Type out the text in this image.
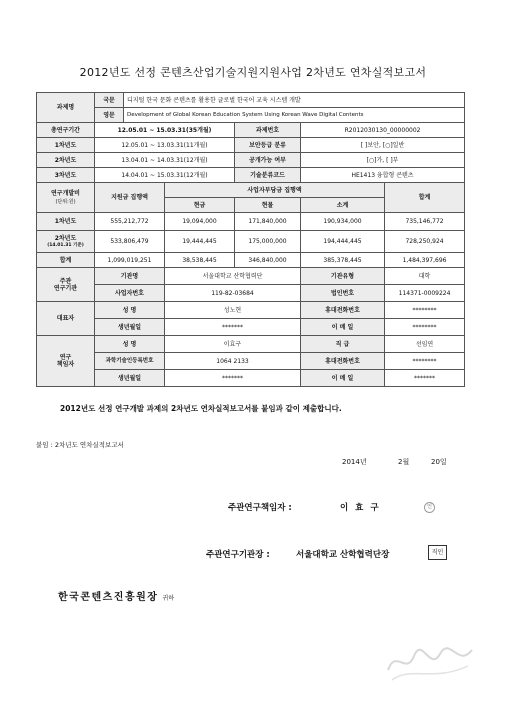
2012년도 선정 콘텐츠산업기술지원지원사업 2차년도 연차실적보고서
과제명	국문	디지털 한국 문화 콘텐츠를 활용한 글로벌 한국어 교육 시스템 개발				
	영문	Development of Global Korean Education System Using Korean Wave Digital Contents				
총연구기간	12.05.01 ~ 15.03.31(35개월)			과제번호	R2012030130_00000002	
1차년도	12.05.01 ~ 13.03.31(11개월)			보안등급 분류	[ ]보안, [○]일반	
2차년도	13.04.01 ~ 14.03.31(12개월)			공개가능 여부	[○]가, [ ]부	
3차년도	14.04.01 ~ 15.03.31(12개월)			기술분류코드	HE1413 융합형 콘텐츠	

연구개발비
(단위:원)	지원금 집행액		사업자부담금 집행액			합계
			현금	현물	소계	
1차년도	555,212,772		19,094,000	171,840,000	190,934,000	735,146,772

2차년도
(14.01.31 기준)	533,806,479		19,444,445	175,000,000	194,444,445	728,250,924
합계	1,099,019,251		38,538,445	346,840,000	385,378,445	1,484,397,696
주관
연구기관	기관명		서울대학교 산학협력단		기관유형	대학
	사업자번호		119-82-03684		법인번호	114371-0009224
대표자	성 명		성노현		휴대전화번호	********
	생년월일		*******		이 메 일	********
연구
책임자	성 명		이효구		직 급	선임연
	과학기술인등록번호		1064 2133		휴대전화번호	********
	생년월일		*******		이 메 일	*******
2012년도 선정 연구개발 과제의 2차년도 연차실적보고서를 붙임과 같이 제출합니다.
붙임 : 2차년도 연차실적보고서
2014년	2월	20일
주관연구책임자 :	이 효 구	인
주관연구기관장 :	서울대학교 산학협력단장	직인
한국콘텐츠진흥원장 귀하
